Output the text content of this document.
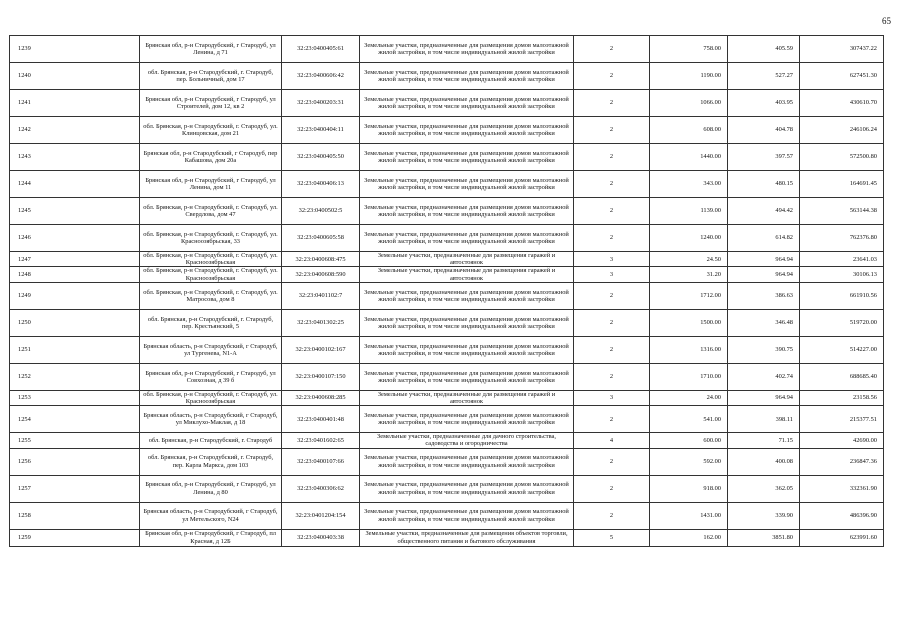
65
1239	Брянская обл, р-н Стародубский, г Стародуб, ул Ленина, д 71	32:23:0400405:61	Земельные участки, предназначенные для размещения домов малоэтажной жилой застройки, в том числе индивидуальной жилой застройки	2	758.00	405.59	307437.22
1240	обл. Брянская, р-н Стародубский, г. Стародуб, пер. Больничный, дом 17	32:23:0400606:42	Земельные участки, предназначенные для размещения домов малоэтажной жилой застройки, в том числе индивидуальной жилой застройки	2	1190.00	527.27	627451.30
1241	Брянская обл, р-н Стародубский, г Стародуб, ул Строителей, дом 12, кв 2	32:23:0400203:31	Земельные участки, предназначенные для размещения домов малоэтажной жилой застройки, в том числе индивидуальной жилой застройки	2	1066.00	403.95	430610.70
1242	обл. Брянская, р-н Стародубский, г. Стародуб, ул. Клинцовская, дом 21	32:23:0400404:11	Земельные участки, предназначенные для размещения домов малоэтажной жилой застройки, в том числе индивидуальной жилой застройки	2	608.00	404.78	246106.24
1243	Брянская обл, р-н Стародубский, г Стародуб, пер Кабашова, дом 20а	32:23:0400405:50	Земельные участки, предназначенные для размещения домов малоэтажной жилой застройки, в том числе индивидуальной жилой застройки	2	1440.00	397.57	572500.80
1244	Брянская обл, р-н Стародубский, г Стародуб, ул Ленина, дом 11	32:23:0400406:13	Земельные участки, предназначенные для размещения домов малоэтажной жилой застройки, в том числе индивидуальной жилой застройки	2	343.00	480.15	164691.45
1245	обл. Брянская, р-н Стародубский, г. Стародуб, ул. Свердлова, дом 47	32:23:0400502:5	Земельные участки, предназначенные для размещения домов малоэтажной жилой застройки, в том числе индивидуальной жилой застройки	2	1139.00	494.42	563144.38
1246	обл. Брянская, р-н Стародубский, г. Стародуб, ул. Красноозябрьская, 33	32:23:0400605:58	Земельные участки, предназначенные для размещения домов малоэтажной жилой застройки, в том числе индивидуальной жилой застройки	2	1240.00	614.82	762376.80
1247	обл. Брянская, р-н Стародубский, г. Стародуб, ул. Красноозябрьская	32:23:0400608:475	Земельные участки, предназначенные для размещения гаражей и автостоянок	3	24.50	964.94	23641.03
1248	обл. Брянская, р-н Стародубский, г. Стародуб, ул. Красноозябрьская	32:23:0400608:590	Земельные участки, предназначенные для размещения гаражей и автостоянок	3	31.20	964.94	30106.13
1249	обл. Брянская, р-н Стародубский, г. Стародуб, ул. Матросова, дом 8	32:23:0401102:7	Земельные участки, предназначенные для размещения домов малоэтажной жилой застройки, в том числе индивидуальной жилой застройки	2	1712.00	386.63	661910.56
1250	обл. Брянская, р-н Стародубский, г. Стародуб, пер. Крестьянский, 5	32:23:0401302:25	Земельные участки, предназначенные для размещения домов малоэтажной жилой застройки, в том числе индивидуальной жилой застройки	2	1500.00	346.48	519720.00
1251	Брянская область, р-н Стародубский, г Стародуб, ул Тургенева, N1-А	32:23:0400102:167	Земельные участки, предназначенные для размещения домов малоэтажной жилой застройки, в том числе индивидуальной жилой застройки	2	1316.00	390.75	514227.00
1252	Брянская обл, р-н Стародубский, г Стародуб, ул Совхозная, д 39 б	32:23:0400107:150	Земельные участки, предназначенные для размещения домов малоэтажной жилой застройки, в том числе индивидуальной жилой застройки	2	1710.00	402.74	688685.40
1253	обл. Брянская, р-н Стародубский, г. Стародуб, ул. Красноозябрьская	32:23:0400608:285	Земельные участки, предназначенные для размещения гаражей и автостоянок	3	24.00	964.94	23158.56
1254	Брянская область, р-н Стародубский, г Стародуб, ул Миклухо-Маклая, д 18	32:23:0400401:48	Земельные участки, предназначенные для размещения домов малоэтажной жилой застройки, в том числе индивидуальной жилой застройки	2	541.00	398.11	215377.51
1255	обл. Брянская, р-н Стародубский, г. Стародуб	32:23:0401602:65	Земельные участки, предназначенные для дачного строительства, садоводства и огородничества	4	600.00	71.15	42690.00
1256	обл. Брянская, р-н Стародубский, г. Стародуб, пер. Карла Маркса, дом 103	32:23:0400107:66	Земельные участки, предназначенные для размещения домов малоэтажной жилой застройки, в том числе индивидуальной жилой застройки	2	592.00	400.08	236847.36
1257	Брянская обл, р-н Стародубский, г Стародуб, ул Ленина, д 80	32:23:0400306:62	Земельные участки, предназначенные для размещения домов малоэтажной жилой застройки, в том числе индивидуальной жилой застройки	2	918.00	362.05	332361.90
1258	Брянская область, р-н Стародубский, г Стародуб, ул Метельского, N24	32:23:0401204:154	Земельные участки, предназначенные для размещения домов малоэтажной жилой застройки, в том числе индивидуальной жилой застройки	2	1431.00	339.90	486396.90
1259	Брянская обл, р-н Стародубский, г Стародуб, пл Красная, д 12Б	32:23:0400403:38	Земельные участки, предназначенные для размещения объектов торговли, общественного питания и бытового обслуживания	5	162.00	3851.80	623991.60
